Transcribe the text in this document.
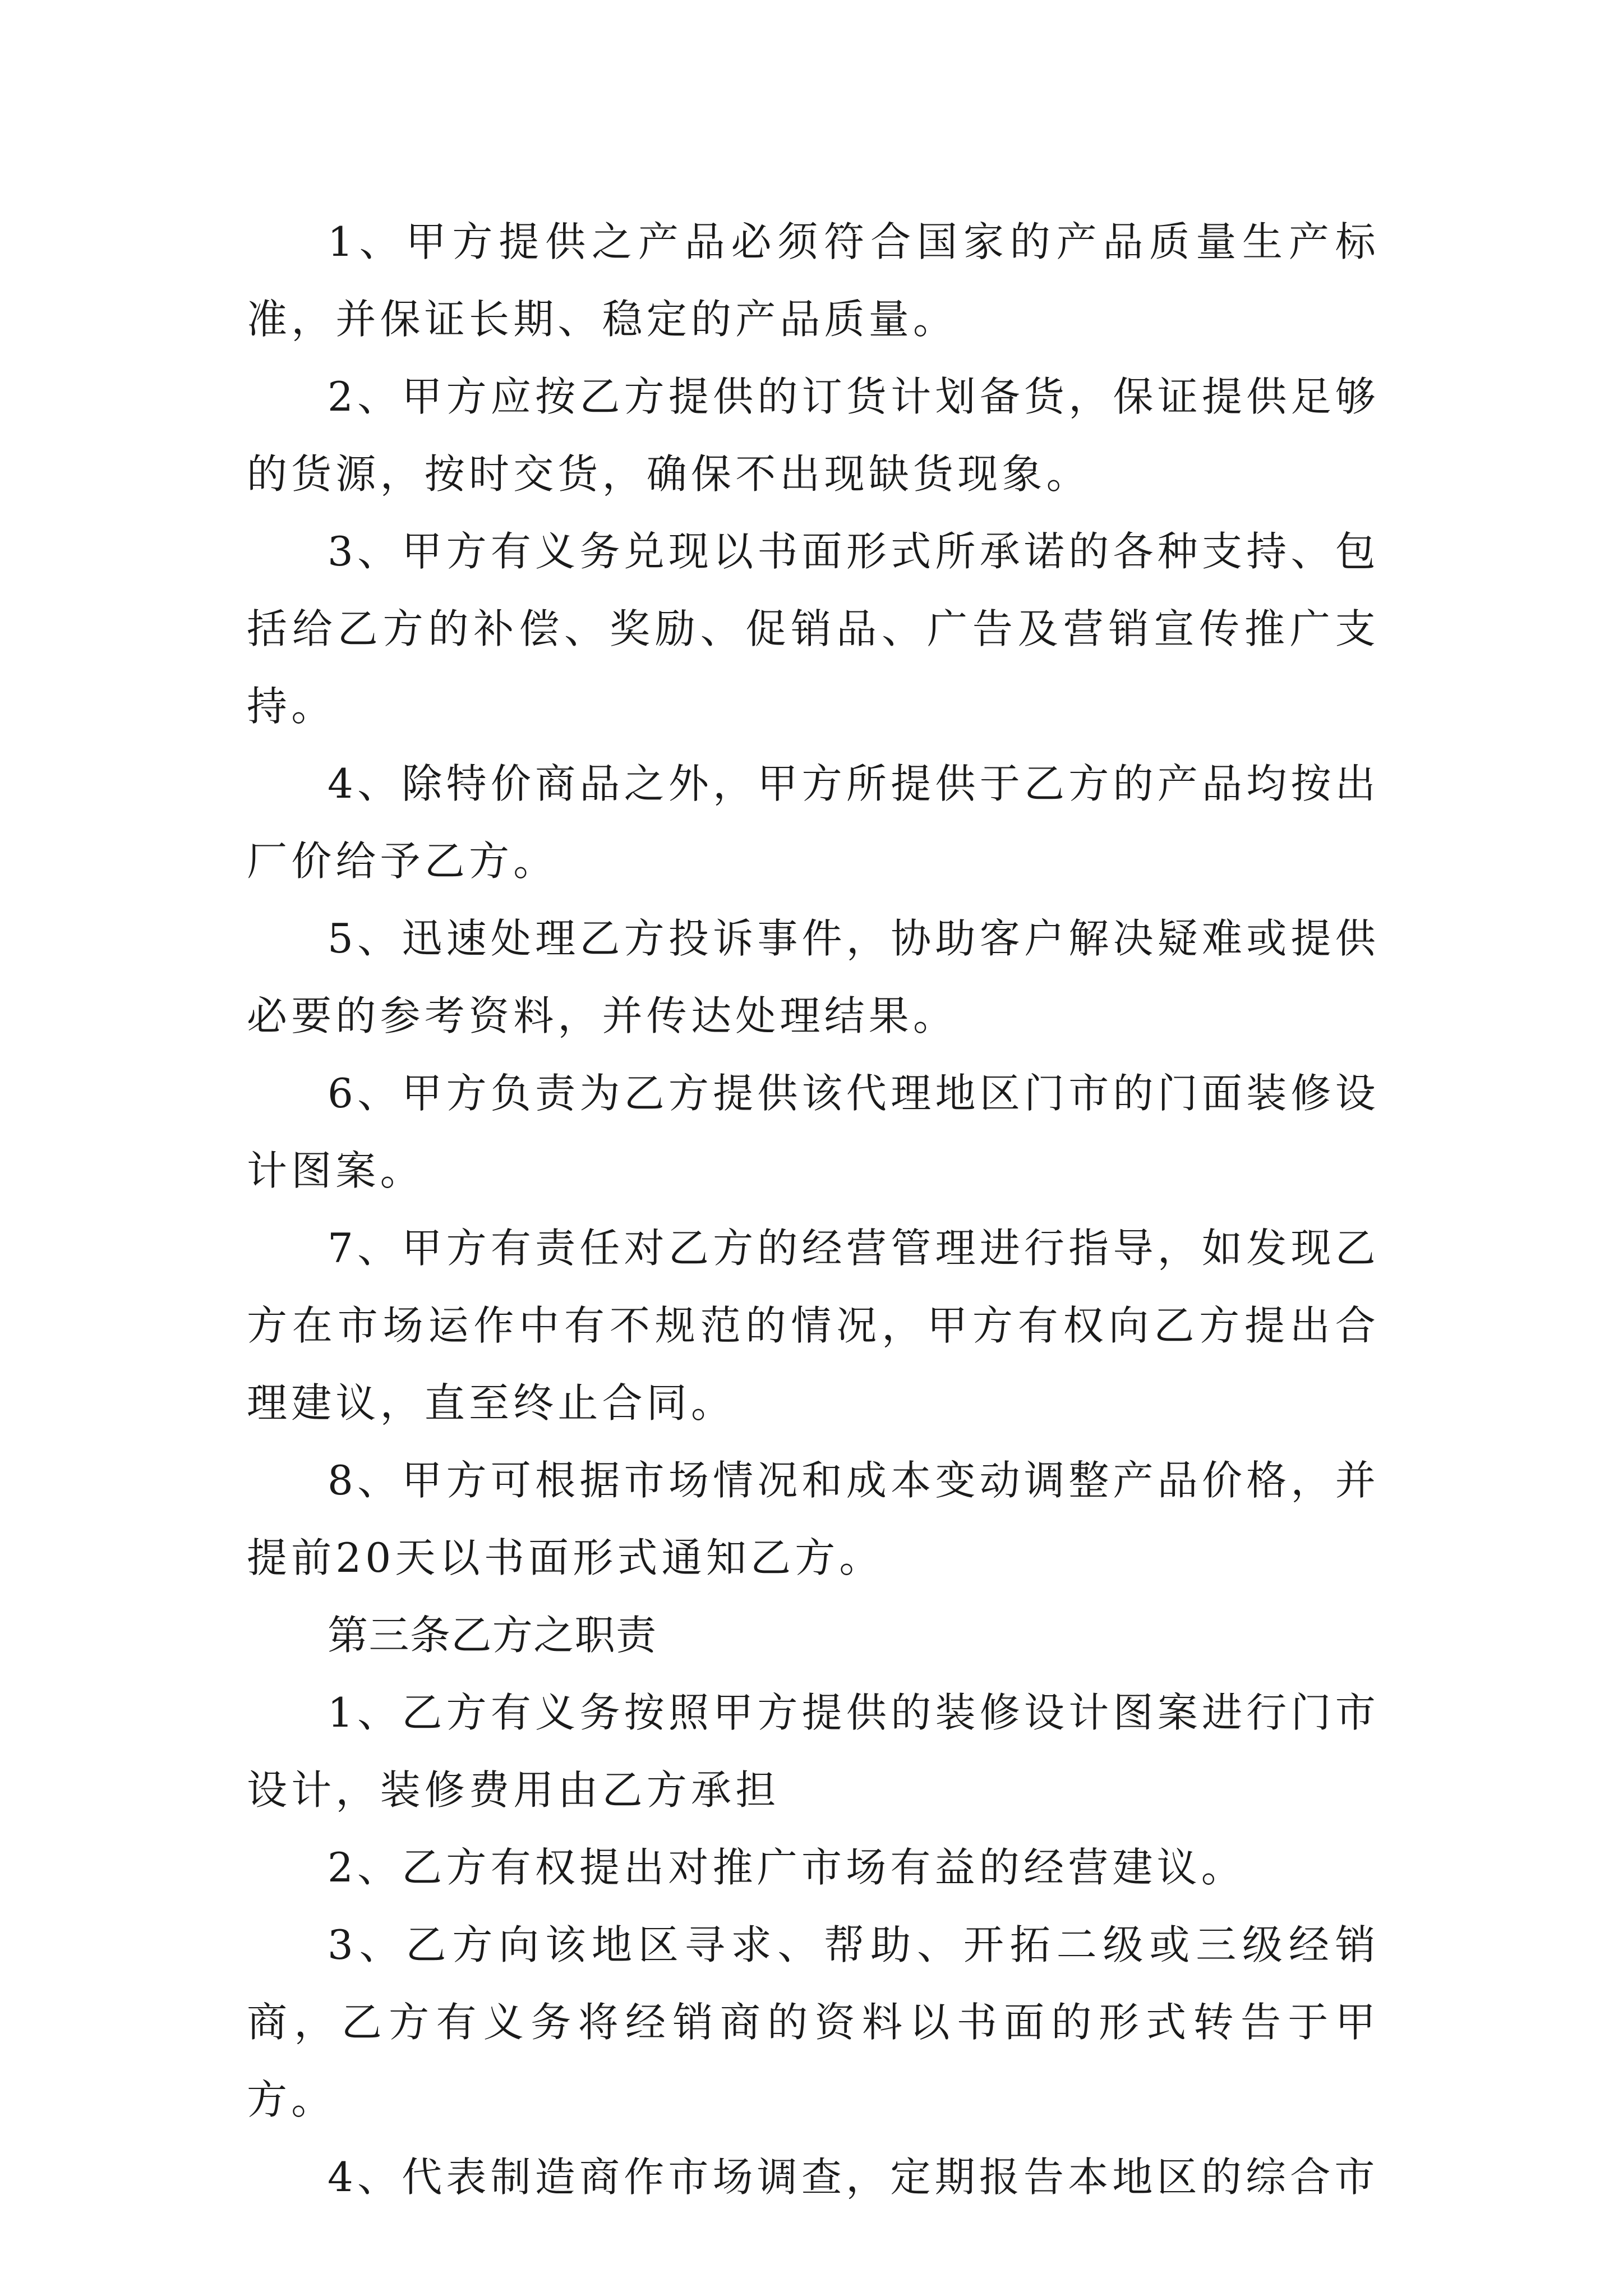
1、甲方提供之产品必须符合国家的产品质量生产标准，并保证长期、稳定的产品质量。

2、甲方应按乙方提供的订货计划备货，保证提供足够的货源，按时交货，确保不出现缺货现象。

3、甲方有义务兑现以书面形式所承诺的各种支持、包括给乙方的补偿、奖励、促销品、广告及营销宣传推广支持。

4、除特价商品之外，甲方所提供于乙方的产品均按出厂价给予乙方。

5、迅速处理乙方投诉事件，协助客户解决疑难或提供必要的参考资料，并传达处理结果。

6、甲方负责为乙方提供该代理地区门市的门面装修设计图案。

7、甲方有责任对乙方的经营管理进行指导，如发现乙方在市场运作中有不规范的情况，甲方有权向乙方提出合理建议，直至终止合同。

8、甲方可根据市场情况和成本变动调整产品价格，并提前20天以书面形式通知乙方。

第三条乙方之职责

1、乙方有义务按照甲方提供的装修设计图案进行门市设计，装修费用由乙方承担

2、乙方有权提出对推广市场有益的经营建议。

3、乙方向该地区寻求、帮助、开拓二级或三级经销商，乙方有义务将经销商的资料以书面的形式转告于甲方。

4、代表制造商作市场调查，定期报告本地区的综合市
